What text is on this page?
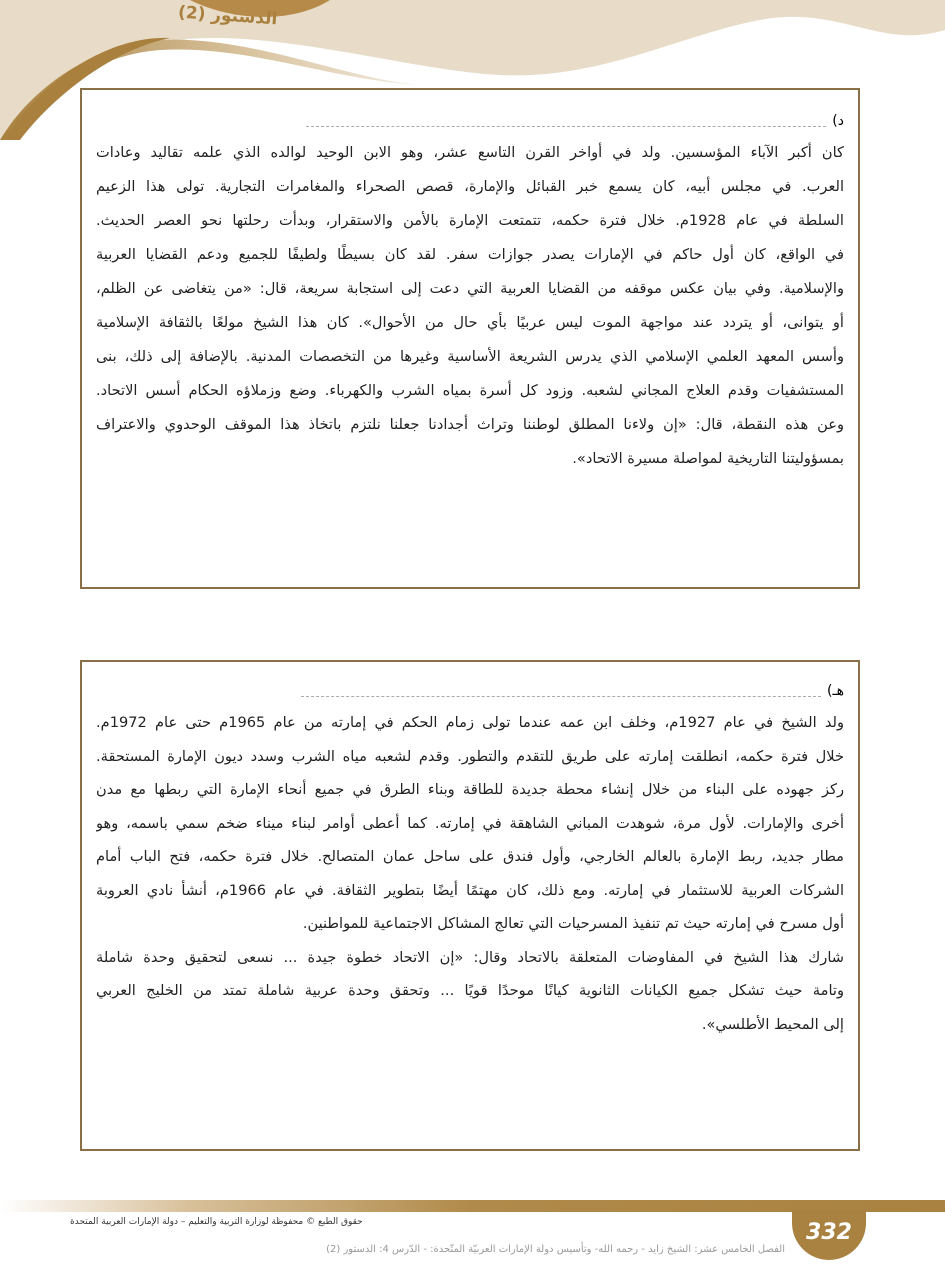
الدستور (2)
د)
كان أكبر الآباء المؤسسين. ولد في أواخر القرن التاسع عشر، وهو الابن الوحيد لوالده الذي علمه تقاليد وعادات
العرب. في مجلس أبيه، كان يسمع خبر القبائل والإمارة، قصص الصحراء والمغامرات التجارية. تولى هذا الزعيم
السلطة في عام 1928م. خلال فترة حكمه، تتمتعت الإمارة بالأمن والاستقرار، وبدأت رحلتها نحو العصر الحديث.
في الواقع، كان أول حاكم في الإمارات يصدر جوازات سفر. لقد كان بسيطًا ولطيفًا للجميع ودعم القضايا العربية
والإسلامية. وفي بيان عكس موقفه من القضايا العربية التي دعت إلى استجابة سريعة، قال: «من يتغاضى عن الظلم،
أو يتوانى، أو يتردد عند مواجهة الموت ليس عربيًا بأي حال من الأحوال». كان هذا الشيخ مولعًا بالثقافة الإسلامية
وأسس المعهد العلمي الإسلامي الذي يدرس الشريعة الأساسية وغيرها من التخصصات المدنية. بالإضافة إلى ذلك، بنى
المستشفيات وقدم العلاج المجاني لشعبه. وزود كل أسرة بمياه الشرب والكهرباء. وضع وزملاؤه الحكام أسس الاتحاد.
وعن هذه النقطة، قال: «إن ولاءنا المطلق لوطننا وتراث أجدادنا جعلنا نلتزم باتخاذ هذا الموقف الوحدوي والاعتراف
بمسؤوليتنا التاريخية لمواصلة مسيرة الاتحاد».
هـ)
ولد الشيخ في عام 1927م، وخلف ابن عمه عندما تولى زمام الحكم في إمارته من عام 1965م حتى عام 1972م.
خلال فترة حكمه، انطلقت إمارته على طريق للتقدم والتطور. وقدم لشعبه مياه الشرب وسدد ديون الإمارة المستحقة.
ركز جهوده على البناء من خلال إنشاء محطة جديدة للطاقة وبناء الطرق في جميع أنحاء الإمارة التي ربطها مع مدن
أخرى والإمارات. لأول مرة، شوهدت المباني الشاهقة في إمارته. كما أعطى أوامر لبناء ميناء ضخم سمي باسمه، وهو
مطار جديد، ربط الإمارة بالعالم الخارجي، وأول فندق على ساحل عمان المتصالح. خلال فترة حكمه، فتح الباب أمام
الشركات العربية للاستثمار في إمارته. ومع ذلك، كان مهتمًا أيضًا بتطوير الثقافة. في عام 1966م، أنشأ نادي العروبة
أول مسرح في إمارته حيث تم تنفيذ المسرحيات التي تعالج المشاكل الاجتماعية للمواطنين.
شارك هذا الشيخ في المفاوضات المتعلقة بالاتحاد وقال: «إن الاتحاد خطوة جيدة ... نسعى لتحقيق وحدة شاملة
وتامة حيث تشكل جميع الكيانات الثانوية كيانًا موحدًا قويًا ... وتحقق وحدة عربية شاملة تمتد من الخليج العربي
إلى المحيط الأطلسي».
332
حقوق الطبع © محفوظة لوزارة التربية والتعليم – دولة الإمارات العربية المتحدة
الفصل الخامس عشر: الشيخ زايد - رحمه الله- وتأسيس دولة الإمارات العربيّة المتّحدة: - الدّرس 4: الدستور (2)
